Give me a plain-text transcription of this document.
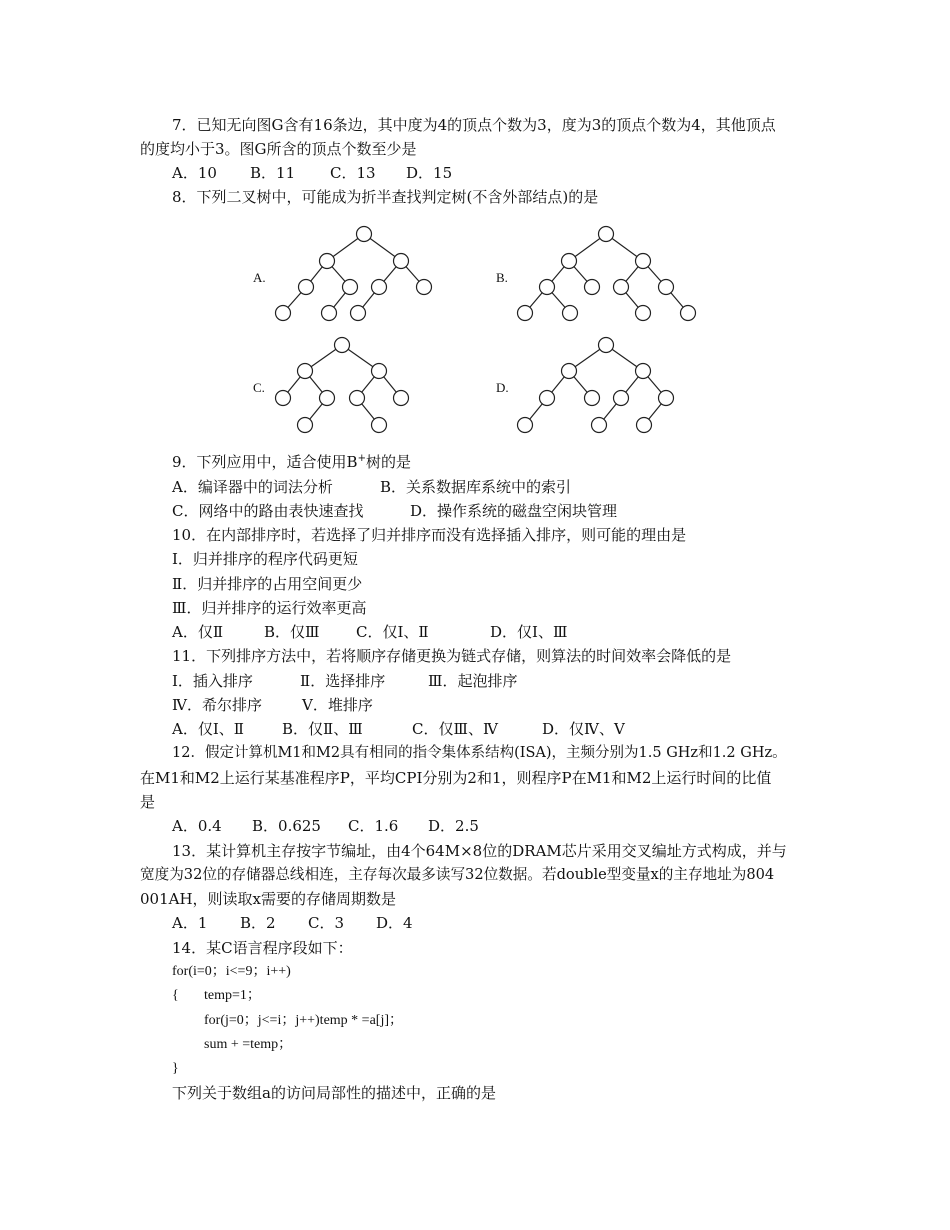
7．已知无向图G含有16条边，其中度为4的顶点个数为3，度为3的顶点个数为4，其他顶点
的度均小于3。图G所含的顶点个数至少是
A．10 B．11 C．13 D．15
8．下列二叉树中，可能成为折半查找判定树(不含外部结点)的是
A.	B.
C.	D.
9．下列应用中，适合使用B+树的是
A．编译器中的词法分析	B．关系数据库系统中的索引
C．网络中的路由表快速查找	D．操作系统的磁盘空闲块管理
10．在内部排序时，若选择了归并排序而没有选择插入排序，则可能的理由是
Ⅰ．归并排序的程序代码更短
Ⅱ．归并排序的占用空间更少
Ⅲ．归并排序的运行效率更高
A．仅Ⅱ	B．仅Ⅲ C．仅Ⅰ、Ⅱ	D．仅Ⅰ、Ⅲ
11．下列排序方法中，若将顺序存储更换为链式存储，则算法的时间效率会降低的是
Ⅰ．插入排序	Ⅱ．选择排序	Ⅲ．起泡排序
Ⅳ．希尔排序	Ⅴ．堆排序
A．仅Ⅰ、Ⅱ	B．仅Ⅱ、Ⅲ	C．仅Ⅲ、Ⅳ	D．仅Ⅳ、Ⅴ
12．假定计算机M1和M2具有相同的指令集体系结构(ⅠSA)，主频分别为1.5 GHz和1.2 GHz。
在M1和M2上运行某基准程序P，平均CPⅠ分别为2和1，则程序P在M1和M2上运行时间的比值
是
A．0.4 B．0.625 C．1.6 D．2.5
13．某计算机主存按字节编址，由4个64M×8位的DRAM芯片采用交叉编址方式构成，并与
宽度为32位的存储器总线相连，主存每次最多读写32位数据。若double型变量x的主存地址为804
001AH，则读取x需要的存储周期数是
A．1 B．2 C．3 D．4
14．某C语言程序段如下：
for(i=0；i<=9；i++)
{ temp=1；
for(j=0；j<=i；j++)temp * =a[j]；
sum + =temp；
}
下列关于数组a的访问局部性的描述中，正确的是
